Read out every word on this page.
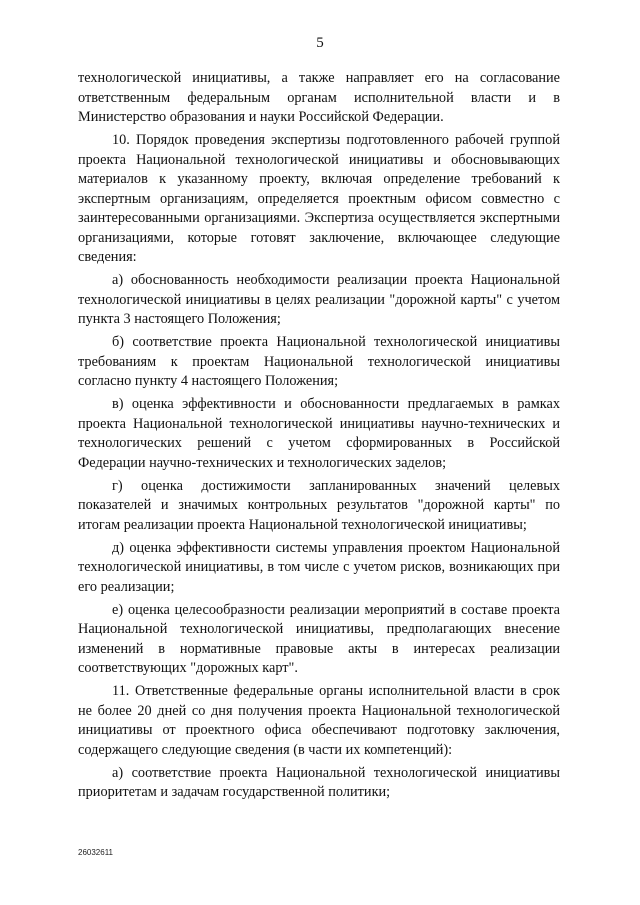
5

технологической инициативы, а также направляет его на согласование ответственным федеральным органам исполнительной власти и в Министерство образования и науки Российской Федерации.

10. Порядок проведения экспертизы подготовленного рабочей группой проекта Национальной технологической инициативы и обосновывающих материалов к указанному проекту, включая определение требований к экспертным организациям, определяется проектным офисом совместно с заинтересованными организациями. Экспертиза осуществляется экспертными организациями, которые готовят заключение, включающее следующие сведения:

а) обоснованность необходимости реализации проекта Национальной технологической инициативы в целях реализации "дорожной карты" с учетом пункта 3 настоящего Положения;

б) соответствие проекта Национальной технологической инициативы требованиям к проектам Национальной технологической инициативы согласно пункту 4 настоящего Положения;

в) оценка эффективности и обоснованности предлагаемых в рамках проекта Национальной технологической инициативы научно-технических и технологических решений с учетом сформированных в Российской Федерации научно-технических и технологических заделов;

г) оценка достижимости запланированных значений целевых показателей и значимых контрольных результатов "дорожной карты" по итогам реализации проекта Национальной технологической инициативы;

д) оценка эффективности системы управления проектом Национальной технологической инициативы, в том числе с учетом рисков, возникающих при его реализации;

е) оценка целесообразности реализации мероприятий в составе проекта Национальной технологической инициативы, предполагающих внесение изменений в нормативные правовые акты в интересах реализации соответствующих "дорожных карт".

11. Ответственные федеральные органы исполнительной власти в срок не более 20 дней со дня получения проекта Национальной технологической инициативы от проектного офиса обеспечивают подготовку заключения, содержащего следующие сведения (в части их компетенций):

а) соответствие проекта Национальной технологической инициативы приоритетам и задачам государственной политики;

26032611
